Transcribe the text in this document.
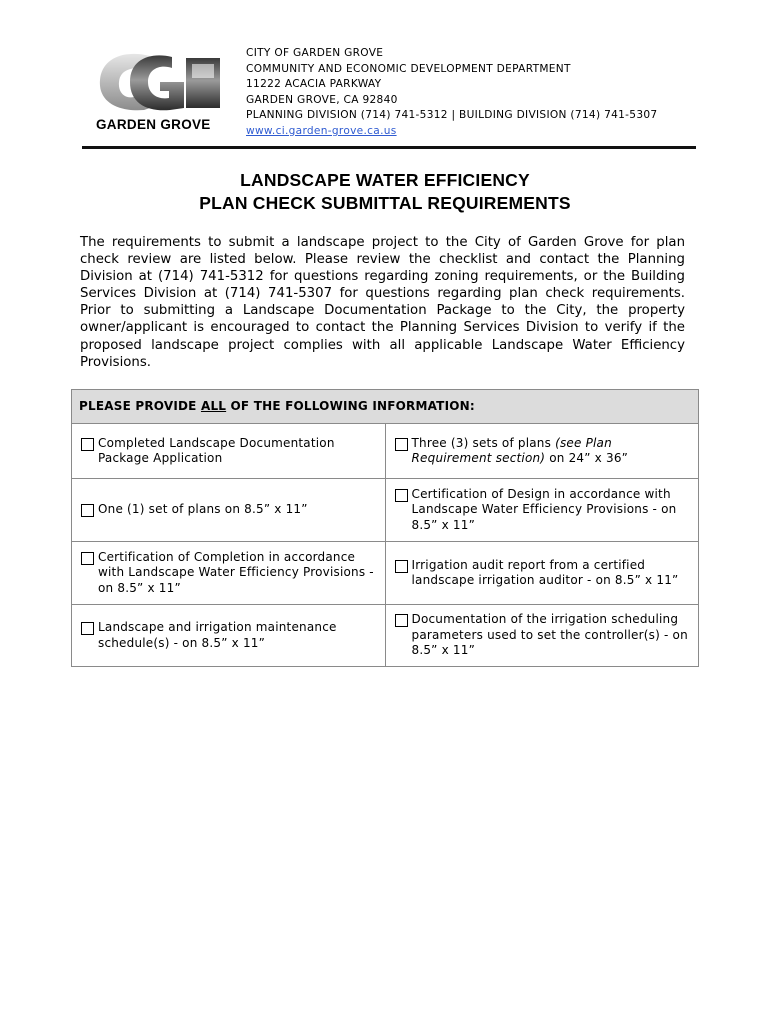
GARDEN GROVE
CITY OF GARDEN GROVE
COMMUNITY AND ECONOMIC DEVELOPMENT DEPARTMENT
11222 ACACIA PARKWAY
GARDEN GROVE, CA 92840
PLANNING DIVISION (714) 741-5312 | BUILDING DIVISION (714) 741-5307
www.ci.garden-grove.ca.us
LANDSCAPE WATER EFFICIENCY
PLAN CHECK SUBMITTAL REQUIREMENTS
The requirements to submit a landscape project to the City of Garden Grove for plan check review are listed below. Please review the checklist and contact the Planning Division at (714) 741-5312 for questions regarding zoning requirements, or the Building Services Division at (714) 741-5307 for questions regarding plan check requirements. Prior to submitting a Landscape Documentation Package to the City, the property owner/applicant is encouraged to contact the Planning Services Division to verify if the proposed landscape project complies with all applicable Landscape Water Efficiency Provisions.
PLEASE PROVIDE ALL OF THE FOLLOWING INFORMATION:	

Completed Landscape Documentation Package Application	Three (3) sets of plans (see Plan Requirement section) on 24” x 36”

One (1) set of plans on 8.5” x 11”	Certification of Design in accordance with Landscape Water Efficiency Provisions - on 8.5” x 11”

Certification of Completion in accordance with Landscape Water Efficiency Provisions - on 8.5” x 11”	Irrigation audit report from a certified landscape irrigation auditor - on 8.5” x 11”

Landscape and irrigation maintenance schedule(s) - on 8.5” x 11”	Documentation of the irrigation scheduling parameters used to set the controller(s) - on 8.5” x 11”
